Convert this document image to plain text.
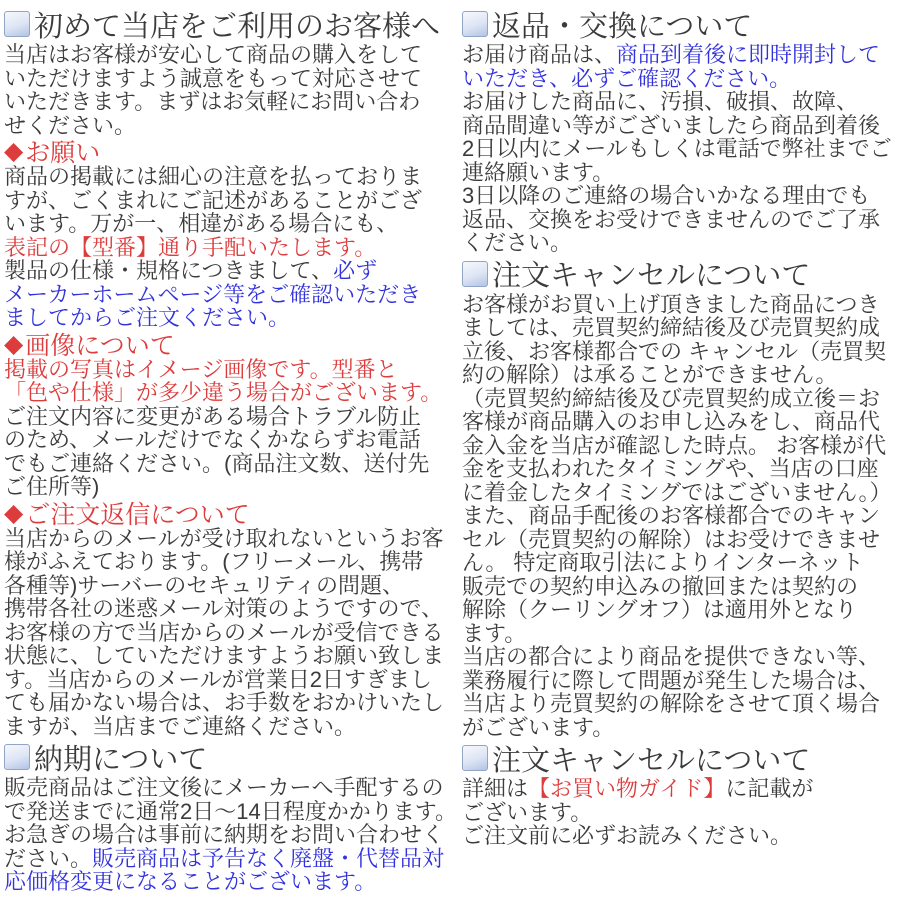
初めて当店をご利用のお客様へ
当店はお客様が安心して商品の購入をして
いただけますよう誠意をもって対応させて
いただきます。まずはお気軽にお問い合わ
せください。
◆ お願い
商品の掲載には細心の注意を払っておりま
すが、ごくまれにご記述があることがござ
います。万が一、相違がある場合にも、
表記の【型番】通り手配いたします。
製品の仕様・規格につきまして、必ず
メーカーホームページ等をご確認いただき
ましてからご注文ください。
◆ 画像について
掲載の写真はイメージ画像です。型番と
「色や仕様」が多少違う場合がございます。
ご注文内容に変更がある場合トラブル防止
のため、メールだけでなくかならずお電話
でもご連絡ください。(商品注文数、送付先
ご住所等)
◆ ご注文返信について
当店からのメールが受け取れないというお客
様がふえております。(フリーメール、携帯
各種等)サーバーのセキュリティの問題、
携帯各社の迷惑メール対策のようですので、
お客様の方で当店からのメールが受信できる
状態に、していただけますようお願い致しま
す。当店からのメールが営業日2日すぎまし
ても届かない場合は、お手数をおかけいたし
ますが、当店までご連絡ください。
納期について
販売商品はご注文後にメーカーへ手配するの
で発送までに通常2日～14日程度かかります。
お急ぎの場合は事前に納期をお問い合わせく
ださい。販売商品は予告なく廃盤・代替品対
応価格変更になることがございます。
返品・交換について
お届け商品は、商品到着後に即時開封して
いただき、必ずご確認ください。
お届けした商品に、汚損、破損、故障、
商品間違い等がございましたら商品到着後
2日以内にメールもしくは電話で弊社までご
連絡願います。
3日以降のご連絡の場合いかなる理由でも
返品、交換をお受けできませんのでご了承
ください。
注文キャンセルについて
お客様がお買い上げ頂きました商品につき
ましては、売買契約締結後及び売買契約成
立後、お客様都合での キャンセル（売買契
約の解除）は承ることができません。
（売買契約締結後及び売買契約成立後＝お
客様が商品購入のお申し込みをし、商品代
金入金を当店が確認した時点。 お客様が代
金を支払われたタイミングや、当店の口座
に着金したタイミングではございません。）
また、商品手配後のお客様都合でのキャン
セル（売買契約の解除）はお受けできませ
ん。 特定商取引法によりインターネット
販売での契約申込みの撤回または契約の
解除（クーリングオフ）は適用外となり
ます。
当店の都合により商品を提供できない等、
業務履行に際して問題が発生した場合は、
当店より売買契約の解除をさせて頂く場合
がございます。
注文キャンセルについて
詳細は【お買い物ガイド】に記載が
ございます。
ご注文前に必ずお読みください。
